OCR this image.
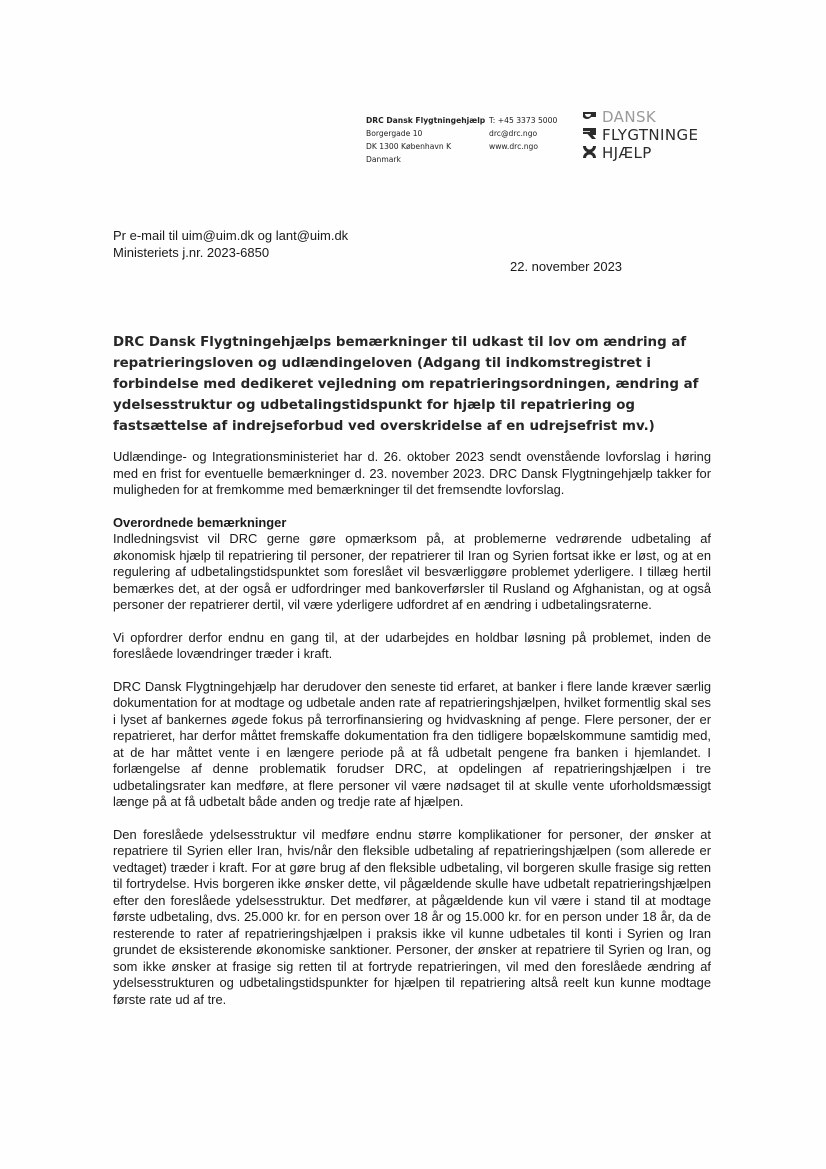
DRC Dansk Flygtningehjælp
Borgergade 10
DK 1300 København K
Danmark
T: +45 3373 5000
drc@drc.ngo
www.drc.ngo
DANSK
FLYGTNINGE
HJÆLP
Pr e-mail til uim@uim.dk og lant@uim.dk
Ministeriets j.nr. 2023-6850
22. november 2023
DRC Dansk Flygtningehjælps bemærkninger til udkast til lov om ændring af repatrieringsloven og udlændingeloven (Adgang til indkomstregistret i forbindelse med dedikeret vejledning om repatrieringsordningen, ændring af ydelsesstruktur og udbetalingstidspunkt for hjælp til repatriering og fastsættelse af indrejseforbud ved overskridelse af en udrejsefrist mv.)

Udlændinge- og Integrationsministeriet har d. 26. oktober 2023 sendt ovenstående lovforslag i høring med en frist for eventuelle bemærkninger d. 23. november 2023. DRC Dansk Flygtningehjælp takker for muligheden for at fremkomme med bemærkninger til det fremsendte lovforslag.

Overordnede bemærkninger

Indledningsvist vil DRC gerne gøre opmærksom på, at problemerne vedrørende udbetaling af økonomisk hjælp til repatriering til personer, der repatrierer til Iran og Syrien fortsat ikke er løst, og at en regulering af udbetalingstidspunktet som foreslået vil besværliggøre problemet yderligere. I tillæg hertil bemærkes det, at der også er udfordringer med bankoverførsler til Rusland og Afghanistan, og at også personer der repatrierer dertil, vil være yderligere udfordret af en ændring i udbetalingsraterne.

Vi opfordrer derfor endnu en gang til, at der udarbejdes en holdbar løsning på problemet, inden de foreslåede lovændringer træder i kraft.

DRC Dansk Flygtningehjælp har derudover den seneste tid erfaret, at banker i flere lande kræver særlig dokumentation for at modtage og udbetale anden rate af repatrieringshjælpen, hvilket formentlig skal ses i lyset af bankernes øgede fokus på terrorfinansiering og hvidvaskning af penge. Flere personer, der er repatrieret, har derfor måttet fremskaffe dokumentation fra den tidligere bopælskommune samtidig med, at de har måttet vente i en længere periode på at få udbetalt pengene fra banken i hjemlandet. I forlængelse af denne problematik forudser DRC, at opdelingen af repatrieringshjælpen i tre udbetalingsrater kan medføre, at flere personer vil være nødsaget til at skulle vente uforholdsmæssigt længe på at få udbetalt både anden og tredje rate af hjælpen.

Den foreslåede ydelsesstruktur vil medføre endnu større komplikationer for personer, der ønsker at repatriere til Syrien eller Iran, hvis/når den fleksible udbetaling af repatrieringshjælpen (som allerede er vedtaget) træder i kraft. For at gøre brug af den fleksible udbetaling, vil borgeren skulle frasige sig retten til fortrydelse. Hvis borgeren ikke ønsker dette, vil pågældende skulle have udbetalt repatrieringshjælpen efter den foreslåede ydelsesstruktur. Det medfører, at pågældende kun vil være i stand til at modtage første udbetaling, dvs. 25.000 kr. for en person over 18 år og 15.000 kr. for en person under 18 år, da de resterende to rater af repatrieringshjælpen i praksis ikke vil kunne udbetales til konti i Syrien og Iran grundet de eksisterende økonomiske sanktioner. Personer, der ønsker at repatriere til Syrien og Iran, og som ikke ønsker at frasige sig retten til at fortryde repatrieringen, vil med den foreslåede ændring af ydelsesstrukturen og udbetalingstidspunkter for hjælpen til repatriering altså reelt kun kunne modtage første rate ud af tre.
